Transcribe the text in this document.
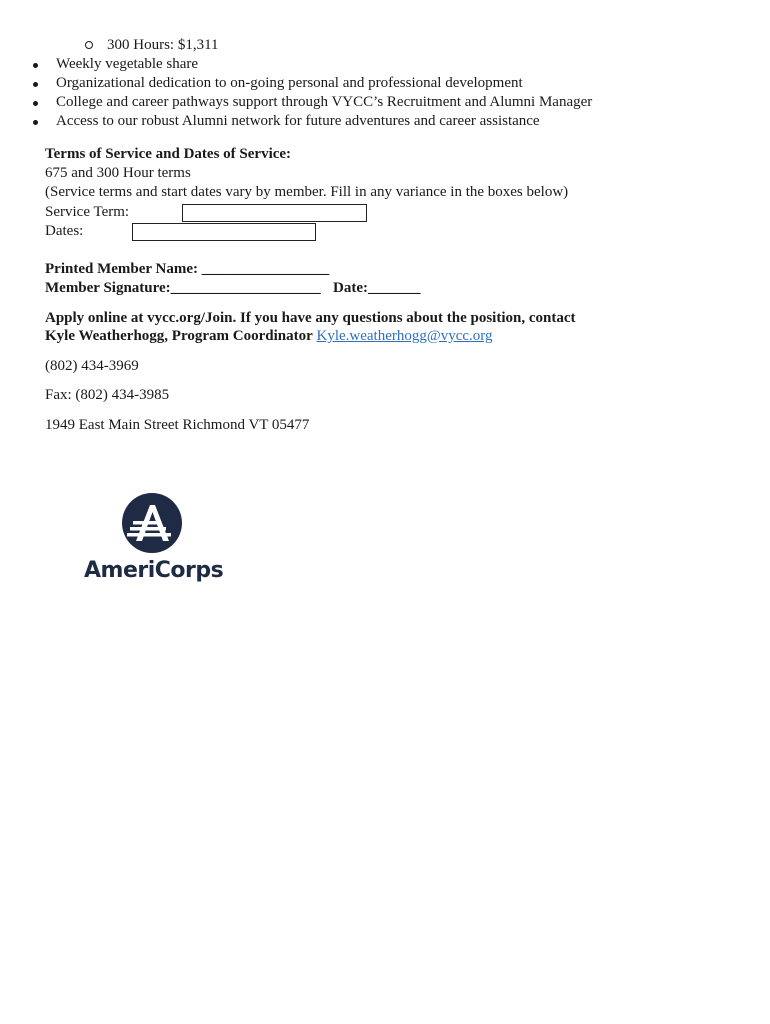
300 Hours: $1,311
Weekly vegetable share
Organizational dedication to on-going personal and professional development
College and career pathways support through VYCC’s Recruitment and Alumni Manager
Access to our robust Alumni network for future adventures and career assistance
Terms of Service and Dates of Service:
675 and 300 Hour terms
(Service terms and start dates vary by member. Fill in any variance in the boxes below)
Service Term:
Dates:
Printed Member Name: _________________
Member Signature:____________________ Date:_______
Apply online at vycc.org/Join. If you have any questions about the position, contact
Kyle Weatherhogg, Program Coordinator Kyle.weatherhogg@vycc.org
(802) 434-3969
Fax: (802) 434-3985
1949 East Main Street Richmond VT 05477
AmeriCorps
